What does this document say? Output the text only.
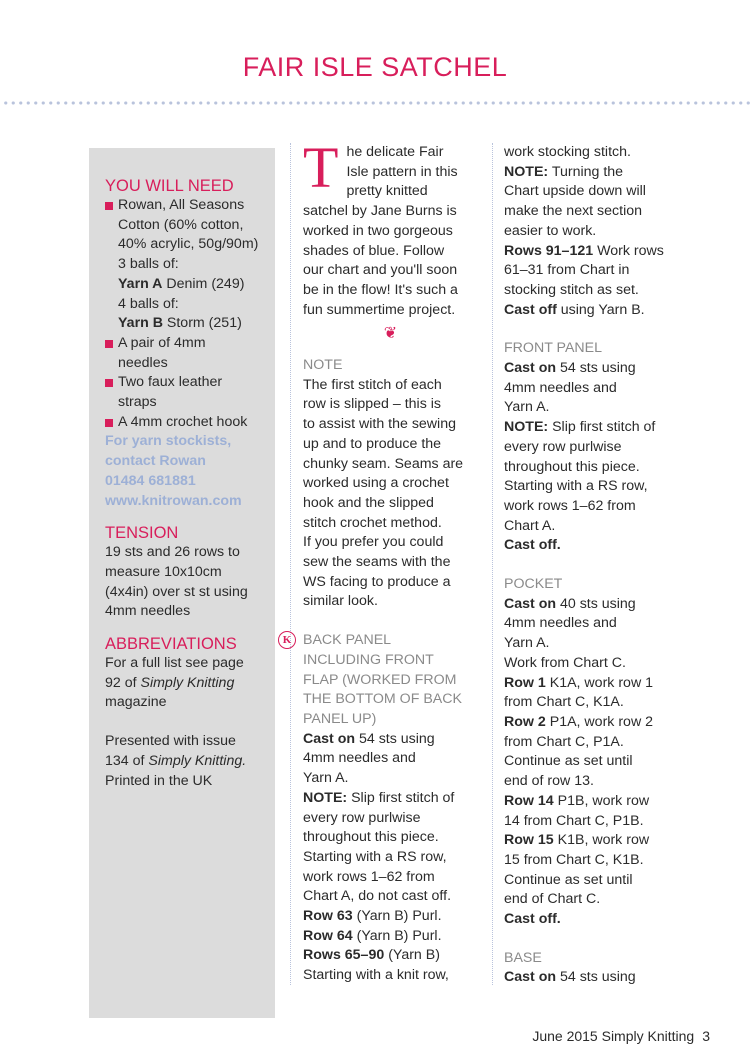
FAIR ISLE SATCHEL
YOU WILL NEED
Rowan, All Seasons
Cotton (60% cotton,
40% acrylic, 50g/90m)
3 balls of:
Yarn A Denim (249)
4 balls of:
Yarn B Storm (251)
A pair of 4mm
needles
Two faux leather
straps
A 4mm crochet hook
For yarn stockists,
contact Rowan
01484 681881
www.knitrowan.com
TENSION
19 sts and 26 rows to
measure 10x10cm
(4x4in) over st st using
4mm needles
ABBREVIATIONS
For a full list see page
92 of Simply Knitting
magazine
Presented with issue
134 of Simply Knitting.
Printed in the UK
T he delicate Fair
Isle pattern in this
pretty knitted
satchel by Jane Burns is
worked in two gorgeous
shades of blue. Follow
our chart and you'll soon
be in the flow! It's such a
fun summertime project.
❦
NOTE
The first stitch of each
row is slipped – this is
to assist with the sewing
up and to produce the
chunky seam. Seams are
worked using a crochet
hook and the slipped
stitch crochet method.
If you prefer you could
sew the seams with the
WS facing to produce a
similar look.
K BACK PANEL
INCLUDING FRONT
FLAP (WORKED FROM
THE BOTTOM OF BACK
PANEL UP)
Cast on 54 sts using
4mm needles and
Yarn A.
NOTE: Slip first stitch of
every row purlwise
throughout this piece.
Starting with a RS row,
work rows 1–62 from
Chart A, do not cast off.
Row 63 (Yarn B) Purl.
Row 64 (Yarn B) Purl.
Rows 65–90 (Yarn B)
Starting with a knit row,
work stocking stitch.
NOTE: Turning the
Chart upside down will
make the next section
easier to work.
Rows 91–121 Work rows
61–31 from Chart in
stocking stitch as set.
Cast off using Yarn B.
FRONT PANEL
Cast on 54 sts using
4mm needles and
Yarn A.
NOTE: Slip first stitch of
every row purlwise
throughout this piece.
Starting with a RS row,
work rows 1–62 from
Chart A.
Cast off.
POCKET
Cast on 40 sts using
4mm needles and
Yarn A.
Work from Chart C.
Row 1 K1A, work row 1
from Chart C, K1A.
Row 2 P1A, work row 2
from Chart C, P1A.
Continue as set until
end of row 13.
Row 14 P1B, work row
14 from Chart C, P1B.
Row 15 K1B, work row
15 from Chart C, K1B.
Continue as set until
end of Chart C.
Cast off.
BASE
Cast on 54 sts using
June 2015 Simply Knitting 3
